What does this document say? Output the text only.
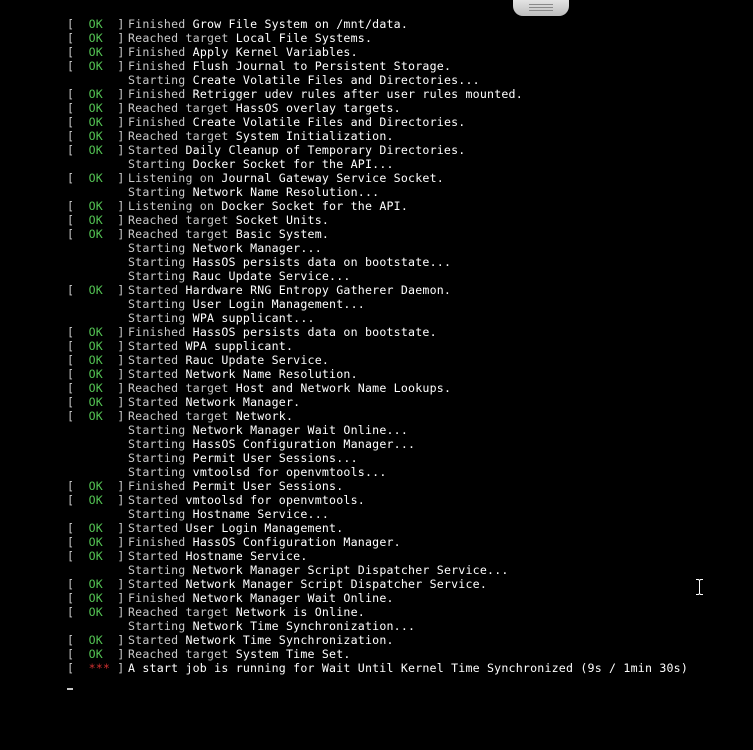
[ OK ] Finished Grow File System on /mnt/data.
[ OK ] Reached target Local File Systems.
[ OK ] Finished Apply Kernel Variables.
[ OK ] Finished Flush Journal to Persistent Storage.
Starting Create Volatile Files and Directories...
[ OK ] Finished Retrigger udev rules after user rules mounted.
[ OK ] Reached target HassOS overlay targets.
[ OK ] Finished Create Volatile Files and Directories.
[ OK ] Reached target System Initialization.
[ OK ] Started Daily Cleanup of Temporary Directories.
Starting Docker Socket for the API...
[ OK ] Listening on Journal Gateway Service Socket.
Starting Network Name Resolution...
[ OK ] Listening on Docker Socket for the API.
[ OK ] Reached target Socket Units.
[ OK ] Reached target Basic System.
Starting Network Manager...
Starting HassOS persists data on bootstate...
Starting Rauc Update Service...
[ OK ] Started Hardware RNG Entropy Gatherer Daemon.
Starting User Login Management...
Starting WPA supplicant...
[ OK ] Finished HassOS persists data on bootstate.
[ OK ] Started WPA supplicant.
[ OK ] Started Rauc Update Service.
[ OK ] Started Network Name Resolution.
[ OK ] Reached target Host and Network Name Lookups.
[ OK ] Started Network Manager.
[ OK ] Reached target Network.
Starting Network Manager Wait Online...
Starting HassOS Configuration Manager...
Starting Permit User Sessions...
Starting vmtoolsd for openvmtools...
[ OK ] Finished Permit User Sessions.
[ OK ] Started vmtoolsd for openvmtools.
Starting Hostname Service...
[ OK ] Started User Login Management.
[ OK ] Finished HassOS Configuration Manager.
[ OK ] Started Hostname Service.
Starting Network Manager Script Dispatcher Service...
[ OK ] Started Network Manager Script Dispatcher Service.
[ OK ] Finished Network Manager Wait Online.
[ OK ] Reached target Network is Online.
Starting Network Time Synchronization...
[ OK ] Started Network Time Synchronization.
[ OK ] Reached target System Time Set.
[ *** ] A start job is running for Wait Until Kernel Time Synchronized (9s / 1min 30s)
